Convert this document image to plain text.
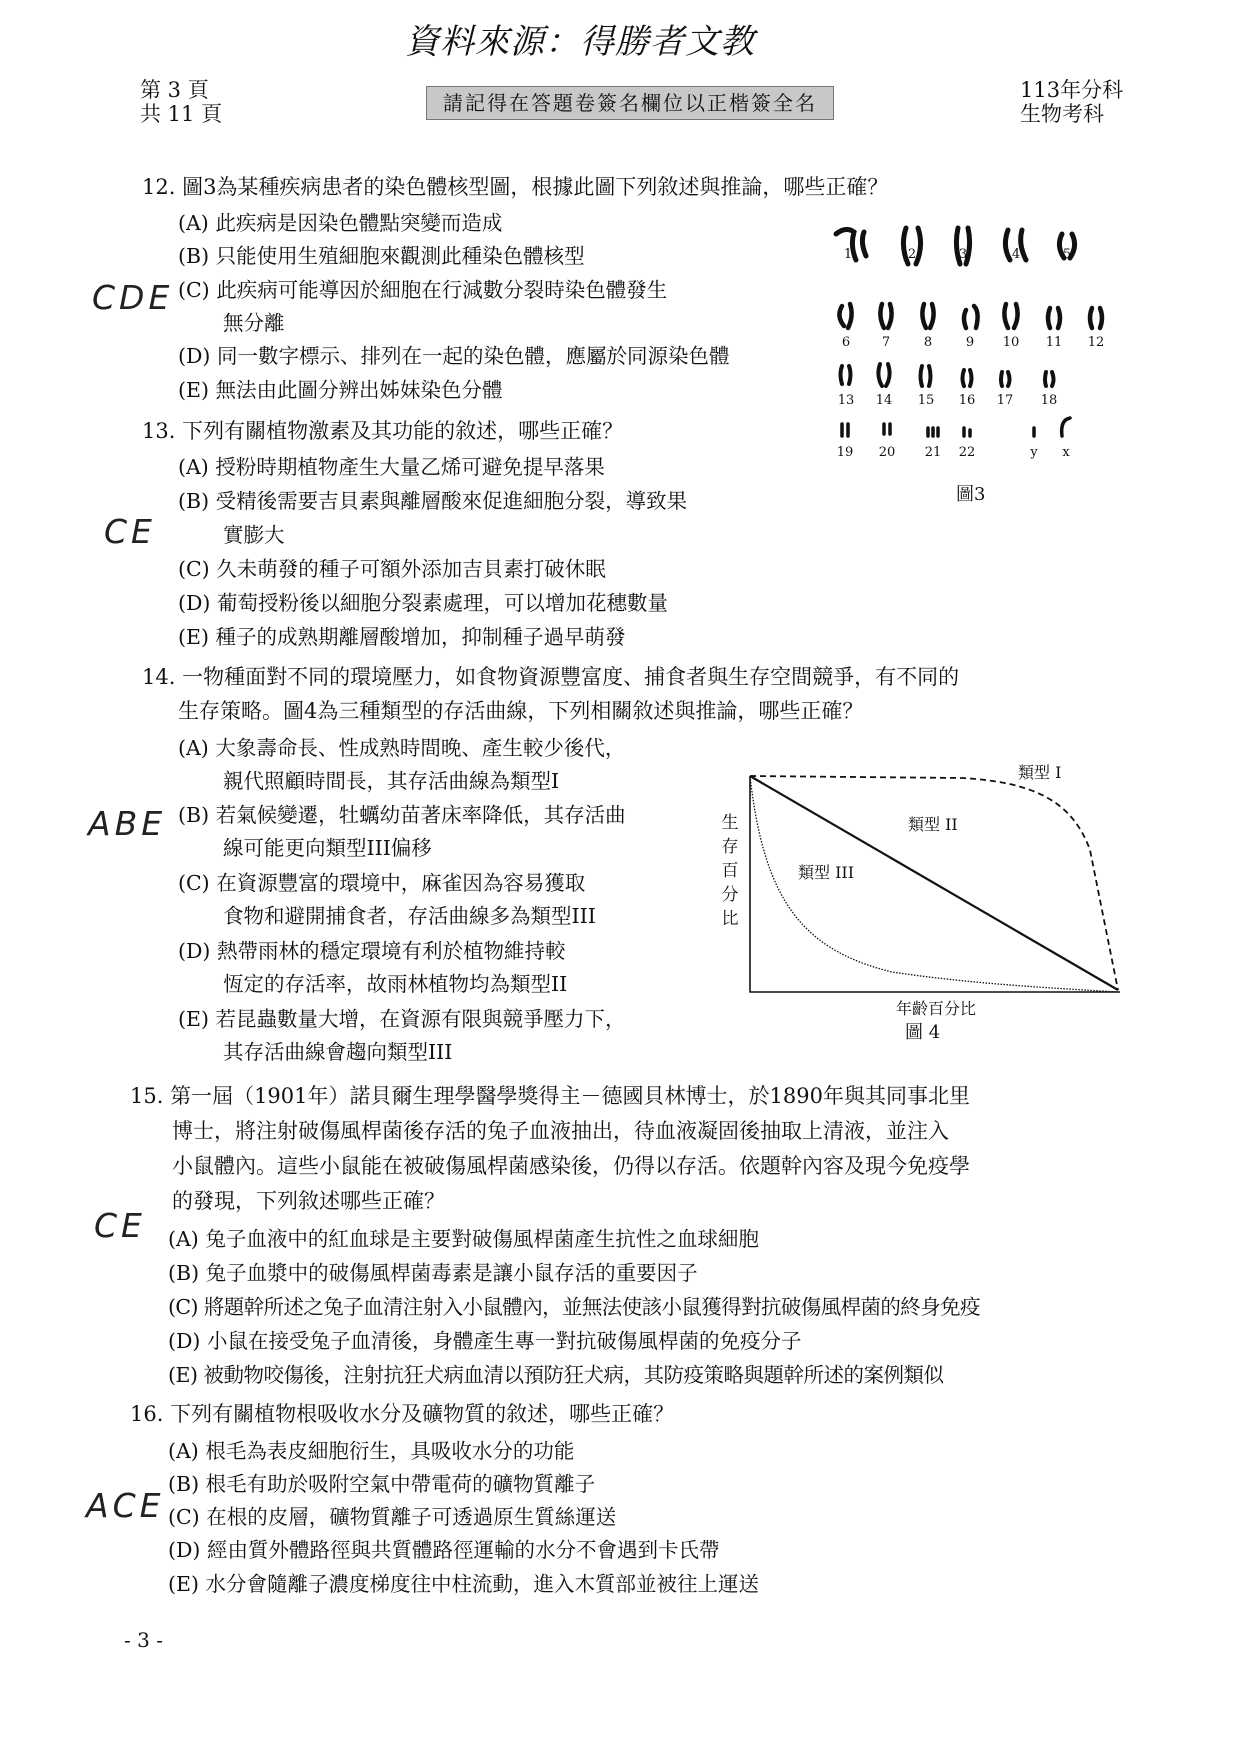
資料來源：得勝者文教
第 3 頁
共 11 頁	請記得在答題卷簽名欄位以正楷簽全名
113年分科
生物考科
12. 圖3為某種疾病患者的染色體核型圖，根據此圖下列敘述與推論，哪些正確？
(A) 此疾病是因染色體點突變而造成
(B) 只能使用生殖細胞來觀測此種染色體核型
CDE (C) 此疾病可能導因於細胞在行減數分裂時染色體發生
無分離
(D) 同一數字標示、排列在一起的染色體，應屬於同源染色體
(E) 無法由此圖分辨出姊妹染色分體
1	2	3	4	5
6 7	8	9 10 11 12
13 14 15 16 17 18
19 20 21 22	y x
圖3
13. 下列有關植物激素及其功能的敘述，哪些正確？
(A) 授粉時期植物產生大量乙烯可避免提早落果
(B) 受精後需要吉貝素與離層酸來促進細胞分裂，導致果
實膨大
CE
(C) 久未萌發的種子可額外添加吉貝素打破休眠
(D) 葡萄授粉後以細胞分裂素處理，可以增加花穗數量
(E) 種子的成熟期離層酸增加，抑制種子過早萌發
14. 一物種面對不同的環境壓力，如食物資源豐富度、捕食者與生存空間競爭，有不同的
生存策略。圖4為三種類型的存活曲線，下列相關敘述與推論，哪些正確？
(A) 大象壽命長、性成熟時間晚、產生較少後代，
親代照顧時間長，其存活曲線為類型I
ABE (B) 若氣候變遷，牡蠣幼苗著床率降低，其存活曲
線可能更向類型III偏移
(C) 在資源豐富的環境中，麻雀因為容易獲取
食物和避開捕食者，存活曲線多為類型III
(D) 熱帶雨林的穩定環境有利於植物維持較
恆定的存活率，故雨林植物均為類型II
(E) 若昆蟲數量大增，在資源有限與競爭壓力下，
其存活曲線會趨向類型III
生
存
百
分
比
類型 I
類型 II
類型 III
年齡百分比
圖 4
15. 第一屆（1901年）諾貝爾生理學醫學獎得主－德國貝林博士，於1890年與其同事北里
博士，將注射破傷風桿菌後存活的兔子血液抽出，待血液凝固後抽取上清液，並注入
小鼠體內。這些小鼠能在被破傷風桿菌感染後，仍得以存活。依題幹內容及現今免疫學
的發現，下列敘述哪些正確？
CE (A) 兔子血液中的紅血球是主要對破傷風桿菌產生抗性之血球細胞
(B) 兔子血漿中的破傷風桿菌毒素是讓小鼠存活的重要因子
(C) 將題幹所述之兔子血清注射入小鼠體內，並無法使該小鼠獲得對抗破傷風桿菌的終身免疫
(D) 小鼠在接受兔子血清後，身體產生專一對抗破傷風桿菌的免疫分子
(E) 被動物咬傷後，注射抗狂犬病血清以預防狂犬病，其防疫策略與題幹所述的案例類似
16. 下列有關植物根吸收水分及礦物質的敘述，哪些正確？
(A) 根毛為表皮細胞衍生，具吸收水分的功能
ACE
(B) 根毛有助於吸附空氣中帶電荷的礦物質離子
(C) 在根的皮層，礦物質離子可透過原生質絲運送
(D) 經由質外體路徑與共質體路徑運輸的水分不會遇到卡氏帶
(E) 水分會隨離子濃度梯度往中柱流動，進入木質部並被往上運送
- 3 -
